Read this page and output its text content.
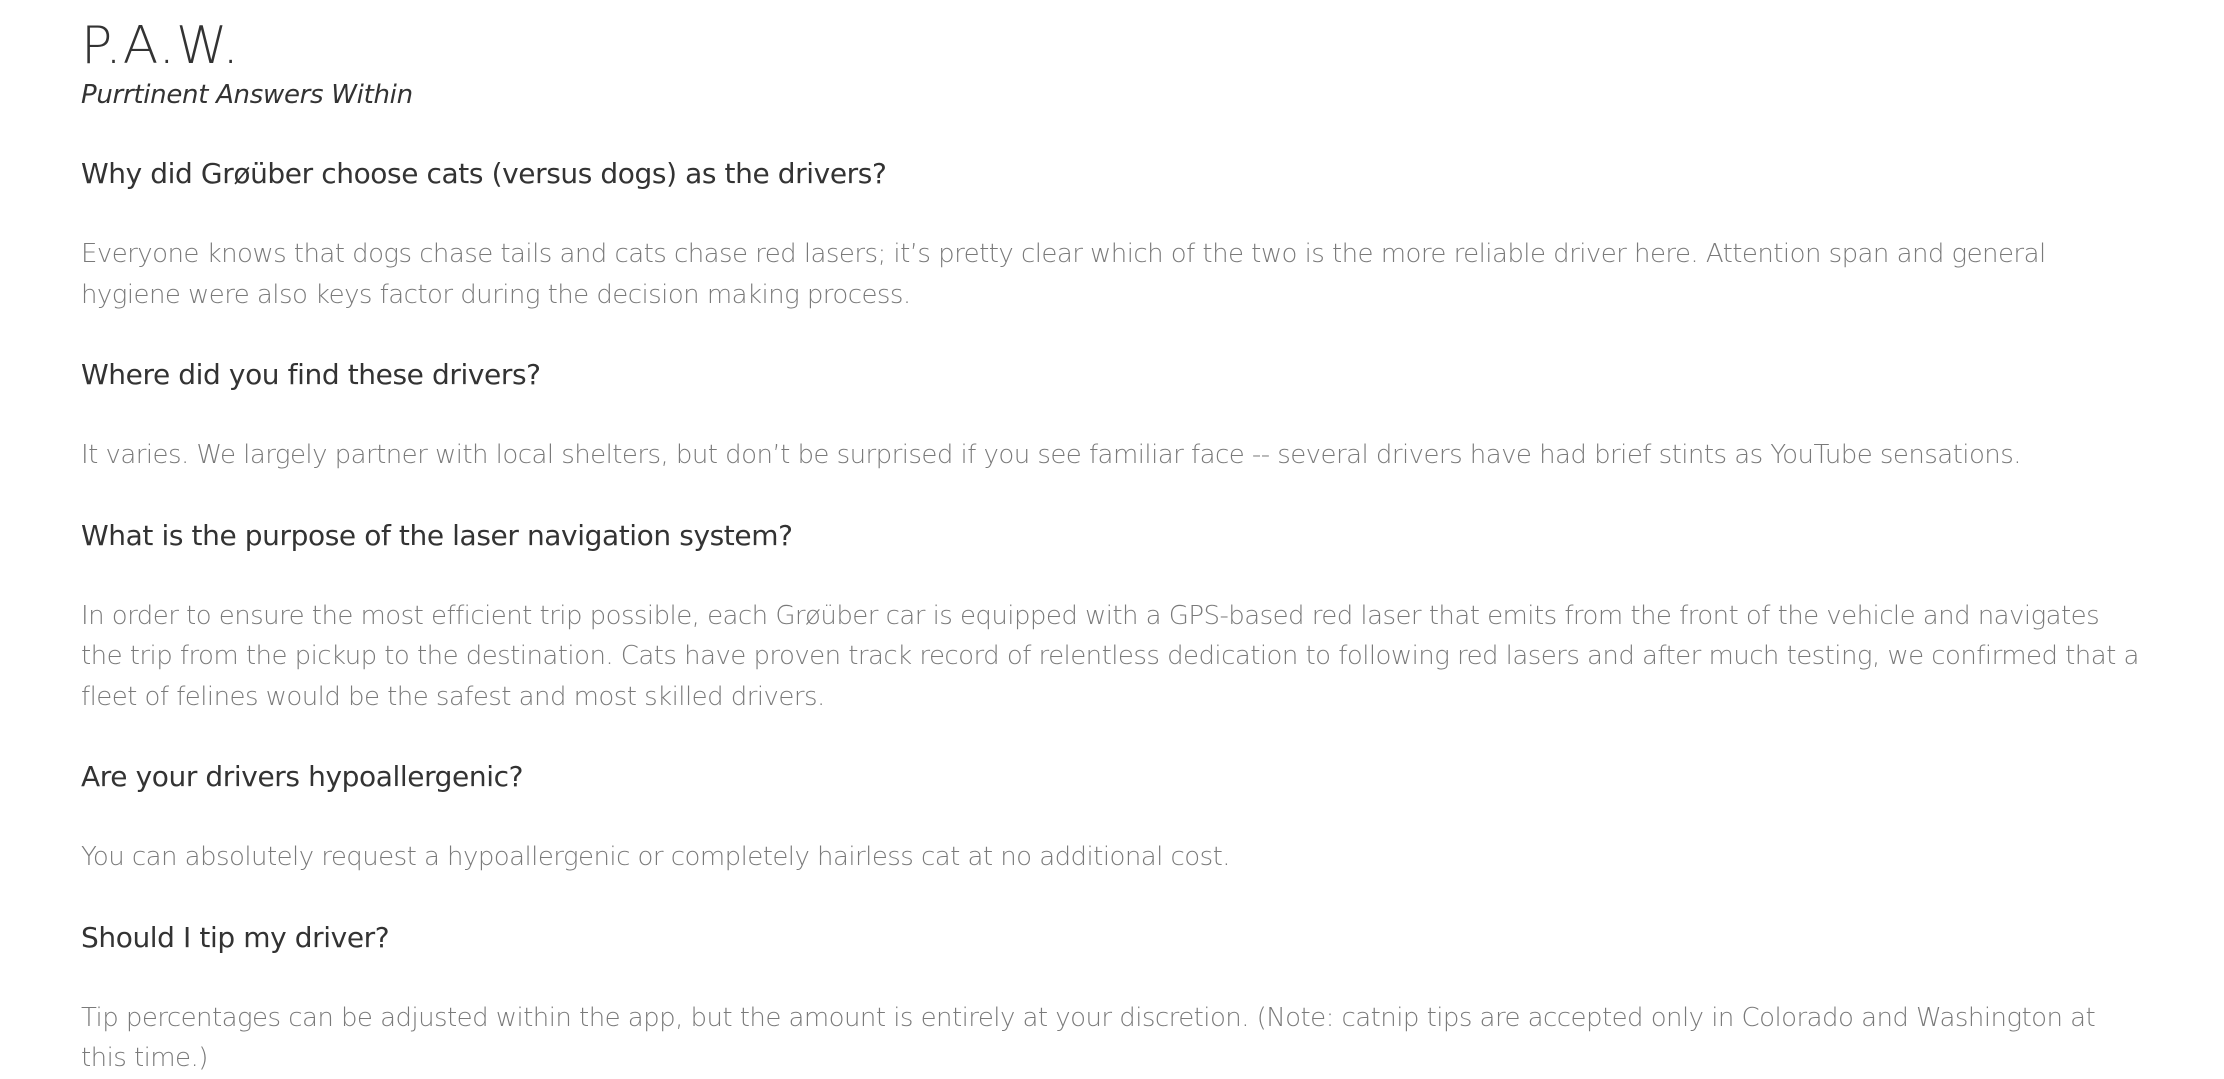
P.A.W.

Purrtinent Answers Within

Why did Grøüber choose cats (versus dogs) as the drivers?

Everyone knows that dogs chase tails and cats chase red lasers; it’s pretty clear which of the two is the more reliable driver here. Attention span and general hygiene were also keys factor during the decision making process.

Where did you find these drivers?

It varies. We largely partner with local shelters, but don’t be surprised if you see familiar face -- several drivers have had brief stints as YouTube sensations.

What is the purpose of the laser navigation system?

In order to ensure the most efficient trip possible, each Grøüber car is equipped with a GPS-based red laser that emits from the front of the vehicle and navigates the trip from the pickup to the destination. Cats have proven track record of relentless dedication to following red lasers and after much testing, we confirmed that a fleet of felines would be the safest and most skilled drivers.

Are your drivers hypoallergenic?

You can absolutely request a hypoallergenic or completely hairless cat at no additional cost.

Should I tip my driver?

Tip percentages can be adjusted within the app, but the amount is entirely at your discretion. (Note: catnip tips are accepted only in Colorado and Washington at this time.)
